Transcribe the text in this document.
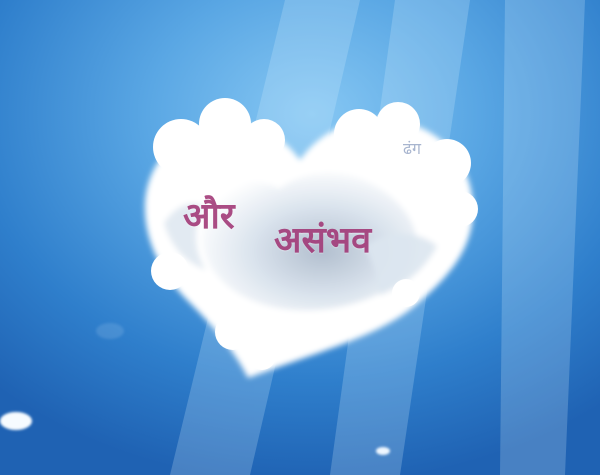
और

असंभव

ढंग
